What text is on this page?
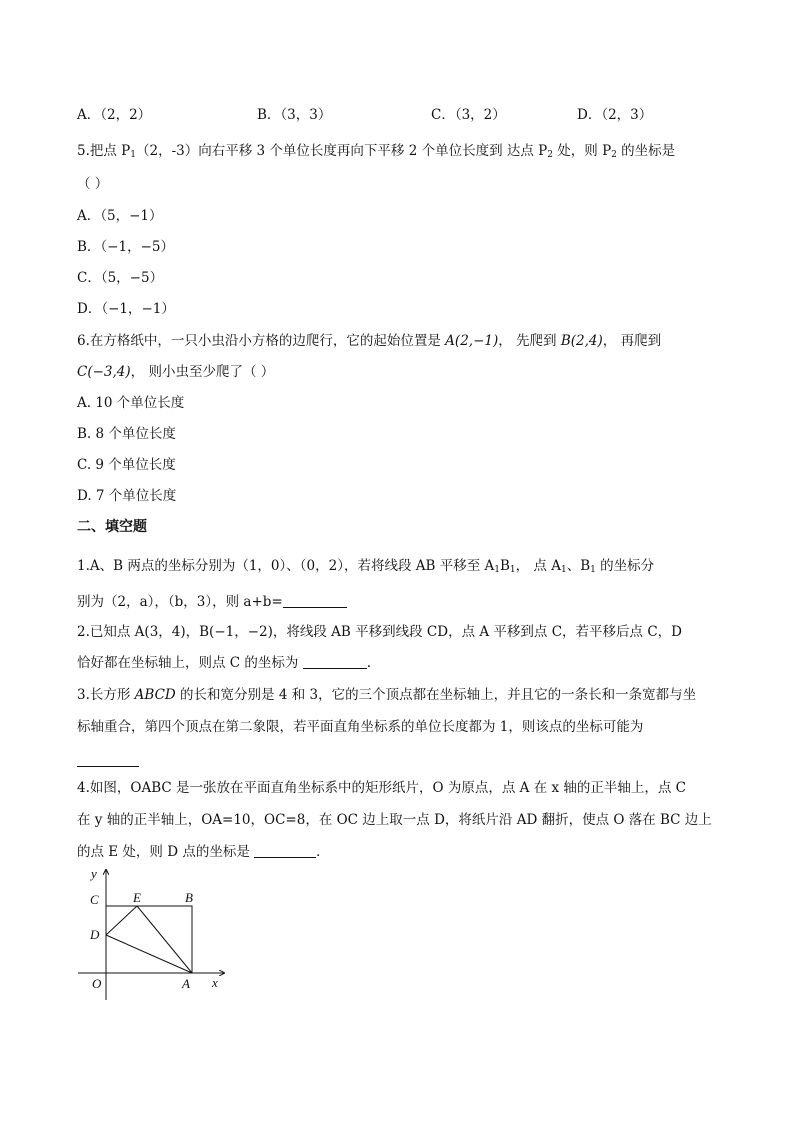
A．（2，2）	B．（3，3）	C．（3，2）	D．（2，3）
5.把点 $P_1(2$，-3）向右平移 3 个单位长度再向下平移 2 个单位长度到 达点 $P_2$ 处，则 $P_2$ 的坐标是
（ ）
A．（5，−1）
B．（−1，−5）
C．（5，−5）
D．（−1，−1）
6.在方格纸中，一只小虫沿小方格的边爬行，它的起始位置是 A(2,−1)， 先爬到 B(2,4)， 再爬到
C(−3,4)， 则小虫至少爬了（ ）
A. 10 个单位长度
B. 8 个单位长度
C. 9 个单位长度
D. 7 个单位长度
二、填空题
1.A、B 两点的坐标分别为（1，0）、（0，2），若将线段 AB 平移至 $A_1B_1$， 点 $A_1$、$B_1$ 的坐标分
别为（2，a），（b，3），则 a+b=
2.已知点 A(3，4)，B(−1，−2)，将线段 AB 平移到线段 CD，点 A 平移到点 C，若平移后点 C，D
恰好都在坐标轴上，则点 C 的坐标为	.
3.长方形 ABCD 的长和宽分别是 4 和 3，它的三个顶点都在坐标轴上，并且它的一条长和一条宽都与坐
标轴重合，第四个顶点在第二象限，若平面直角坐标系的单位长度都为 1，则该点的坐标可能为
4.如图，OABC 是一张放在平面直角坐标系中的矩形纸片，O 为原点，点 A 在 x 轴的正半轴上，点 C
在 y 轴的正半轴上，OA=10，OC=8，在 OC 边上取一点 D，将纸片沿 AD 翻折，使点 O 落在 BC 边上
的点 E 处，则 D 点的坐标是	．
y
x
C	E	B
D
O	A
